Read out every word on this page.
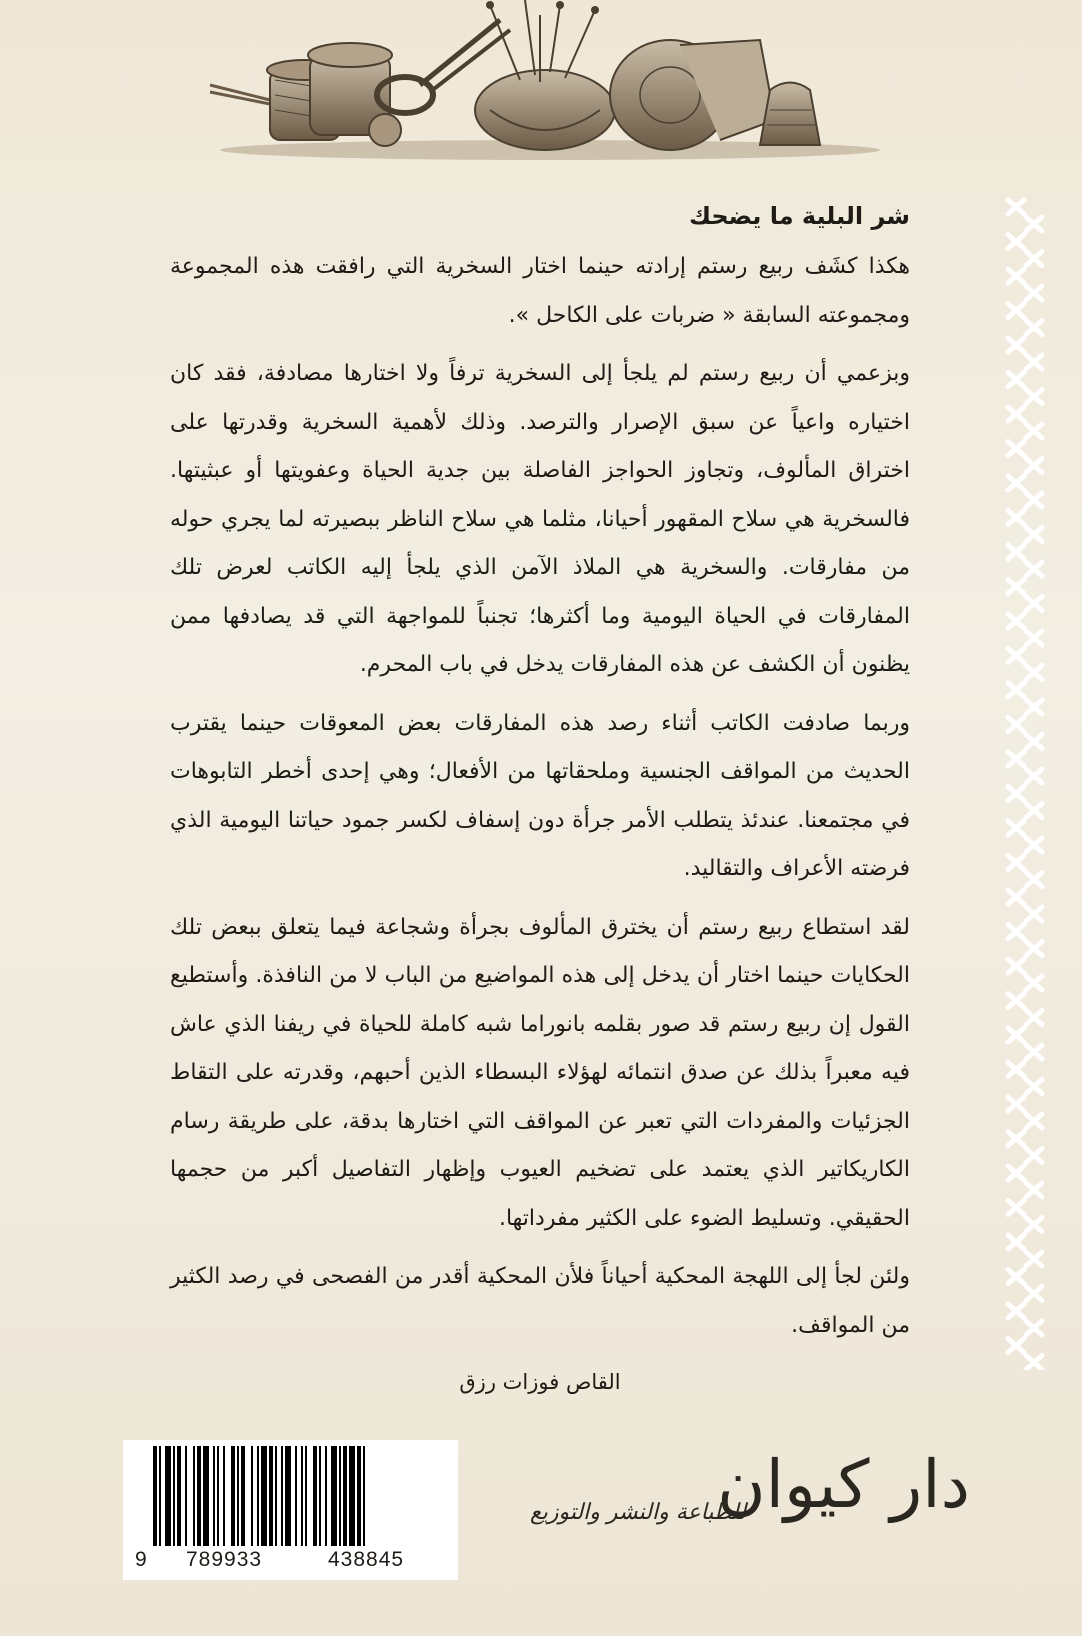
شر البلية ما يضحك

هكذا كشَف ربيع رستم إرادته حينما اختار السخرية التي رافقت هذه المجموعة ومجموعته السابقة « ضربات على الكاحل ».

وبزعمي أن ربيع رستم لم يلجأ إلى السخرية ترفاً ولا اختارها مصادفة، فقد كان اختياره واعياً عن سبق الإصرار والترصد. وذلك لأهمية السخرية وقدرتها على اختراق المألوف، وتجاوز الحواجز الفاصلة بين جدية الحياة وعفويتها أو عبثيتها. فالسخرية هي سلاح المقهور أحيانا، مثلما هي سلاح الناظر ببصيرته لما يجري حوله من مفارقات. والسخرية هي الملاذ الآمن الذي يلجأ إليه الكاتب لعرض تلك المفارقات في الحياة اليومية وما أكثرها؛ تجنباً للمواجهة التي قد يصادفها ممن يظنون أن الكشف عن هذه المفارقات يدخل في باب المحرم.

وربما صادفت الكاتب أثناء رصد هذه المفارقات بعض المعوقات حينما يقترب الحديث من المواقف الجنسية وملحقاتها من الأفعال؛ وهي إحدى أخطر التابوهات في مجتمعنا. عندئذ يتطلب الأمر جرأة دون إسفاف لكسر جمود حياتنا اليومية الذي فرضته الأعراف والتقاليد.

لقد استطاع ربيع رستم أن يخترق المألوف بجرأة وشجاعة فيما يتعلق ببعض تلك الحكايات حينما اختار أن يدخل إلى هذه المواضيع من الباب لا من النافذة. وأستطيع القول إن ربيع رستم قد صور بقلمه بانوراما شبه كاملة للحياة في ريفنا الذي عاش فيه معبراً بذلك عن صدق انتمائه لهؤلاء البسطاء الذين أحبهم، وقدرته على التقاط الجزئيات والمفردات التي تعبر عن المواقف التي اختارها بدقة، على طريقة رسام الكاريكاتير الذي يعتمد على تضخيم العيوب وإظهار التفاصيل أكبر من حجمها الحقيقي. وتسليط الضوء على الكثير مفرداتها.

ولئن لجأ إلى اللهجة المحكية أحياناً فلأن المحكية أقدر من الفصحى في رصد الكثير من المواقف.

القاص فوزات رزق
9 789933	438845
دار كيوان
للطباعة والنشر والتوزيع
